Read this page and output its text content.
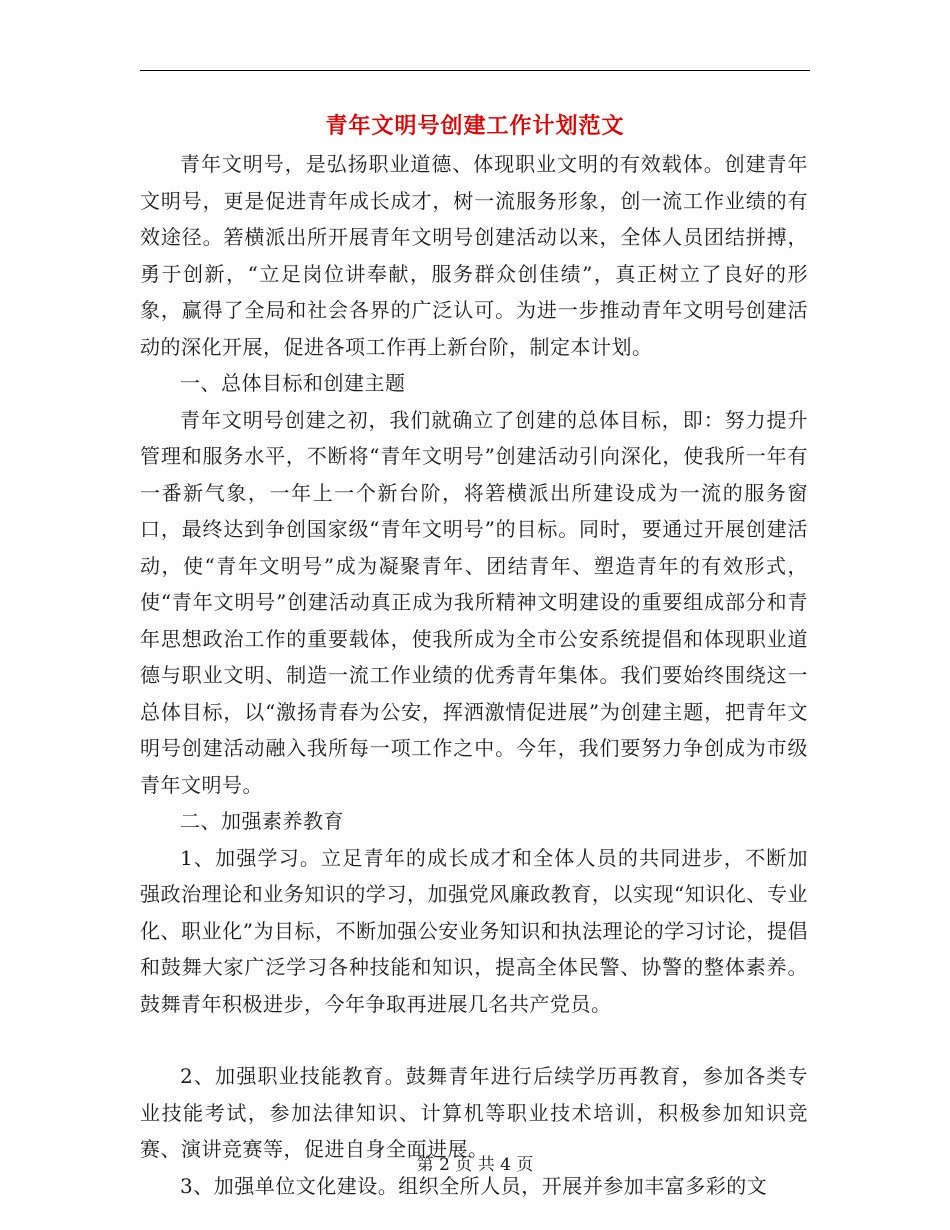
青年文明号创建工作计划范文

青年文明号，是弘扬职业道德、体现职业文明的有效载体。创建青年文明号，更是促进青年成长成才，树一流服务形象，创一流工作业绩的有效途径。箬横派出所开展青年文明号创建活动以来，全体人员团结拼搏，勇于创新，“立足岗位讲奉献，服务群众创佳绩”，真正树立了良好的形象，赢得了全局和社会各界的广泛认可。为进一步推动青年文明号创建活动的深化开展，促进各项工作再上新台阶，制定本计划。

一、总体目标和创建主题

青年文明号创建之初，我们就确立了创建的总体目标，即：努力提升管理和服务水平，不断将“青年文明号”创建活动引向深化，使我所一年有一番新气象，一年上一个新台阶，将箬横派出所建设成为一流的服务窗口，最终达到争创国家级“青年文明号”的目标。同时，要通过开展创建活动，使“青年文明号”成为凝聚青年、团结青年、塑造青年的有效形式，使“青年文明号”创建活动真正成为我所精神文明建设的重要组成部分和青年思想政治工作的重要载体，使我所成为全市公安系统提倡和体现职业道德与职业文明、制造一流工作业绩的优秀青年集体。我们要始终围绕这一总体目标，以“激扬青春为公安，挥洒激情促进展”为创建主题，把青年文明号创建活动融入我所每一项工作之中。今年，我们要努力争创成为市级青年文明号。

二、加强素养教育

1、加强学习。立足青年的成长成才和全体人员的共同进步，不断加强政治理论和业务知识的学习，加强党风廉政教育，以实现“知识化、专业化、职业化”为目标，不断加强公安业务知识和执法理论的学习讨论，提倡和鼓舞大家广泛学习各种技能和知识，提高全体民警、协警的整体素养。鼓舞青年积极进步，今年争取再进展几名共产党员。

2、加强职业技能教育。鼓舞青年进行后续学历再教育，参加各类专业技能考试，参加法律知识、计算机等职业技术培训，积极参加知识竞赛、演讲竞赛等，促进自身全面进展。

3、加强单位文化建设。组织全所人员，开展并参加丰富多彩的文

第 2 页 共 4 页
